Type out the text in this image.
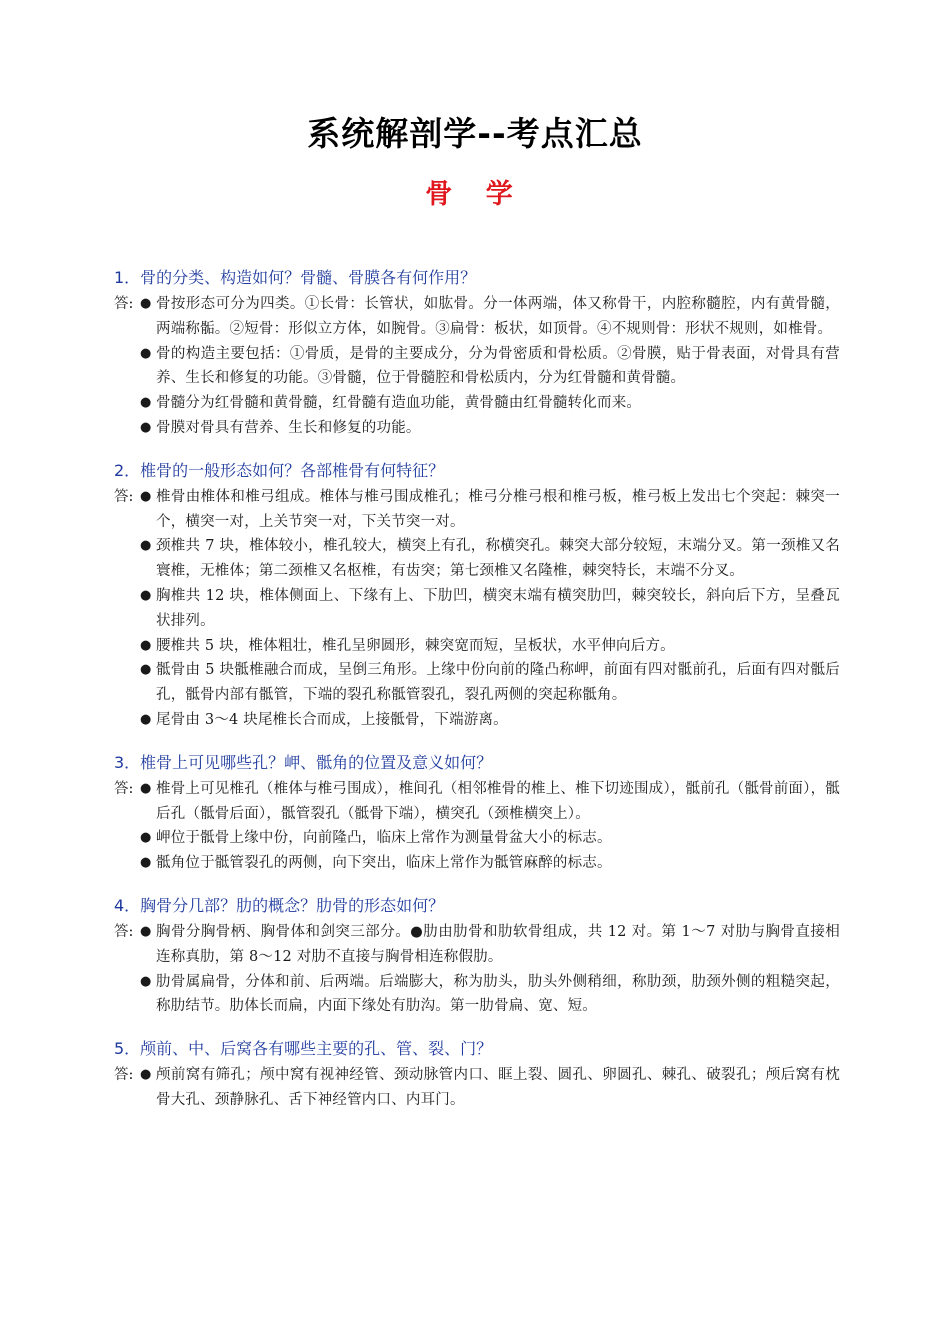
系统解剖学--考点汇总
骨 学
1．骨的分类、构造如何？骨髓、骨膜各有何作用？
答:	● 骨按形态可分为四类。①长骨：长管状，如肱骨。分一体两端，体又称骨干，内腔称髓腔，内有黄骨髓，两端称骺。②短骨：形似立方体，如腕骨。③扁骨：板状，如顶骨。④不规则骨：形状不规则，如椎骨。
● 骨的构造主要包括：①骨质，是骨的主要成分，分为骨密质和骨松质。②骨膜，贴于骨表面，对骨具有营养、生长和修复的功能。③骨髓，位于骨髓腔和骨松质内，分为红骨髓和黄骨髓。
● 骨髓分为红骨髓和黄骨髓，红骨髓有造血功能，黄骨髓由红骨髓转化而来。
● 骨膜对骨具有营养、生长和修复的功能。
2．椎骨的一般形态如何？各部椎骨有何特征？
答:	● 椎骨由椎体和椎弓组成。椎体与椎弓围成椎孔；椎弓分椎弓根和椎弓板，椎弓板上发出七个突起：棘突一个，横突一对，上关节突一对，下关节突一对。
● 颈椎共 7 块，椎体较小，椎孔较大，横突上有孔，称横突孔。棘突大部分较短，末端分叉。第一颈椎又名寰椎，无椎体；第二颈椎又名枢椎，有齿突；第七颈椎又名隆椎，棘突特长，末端不分叉。
● 胸椎共 12 块，椎体侧面上、下缘有上、下肋凹，横突末端有横突肋凹，棘突较长，斜向后下方，呈叠瓦状排列。
● 腰椎共 5 块，椎体粗壮，椎孔呈卵圆形，棘突宽而短，呈板状，水平伸向后方。
● 骶骨由 5 块骶椎融合而成，呈倒三角形。上缘中份向前的隆凸称岬，前面有四对骶前孔，后面有四对骶后孔，骶骨内部有骶管，下端的裂孔称骶管裂孔，裂孔两侧的突起称骶角。
● 尾骨由 3～4 块尾椎长合而成，上接骶骨，下端游离。
3．椎骨上可见哪些孔？岬、骶角的位置及意义如何？
答:	● 椎骨上可见椎孔（椎体与椎弓围成），椎间孔（相邻椎骨的椎上、椎下切迹围成），骶前孔（骶骨前面），骶后孔（骶骨后面），骶管裂孔（骶骨下端），横突孔（颈椎横突上）。
● 岬位于骶骨上缘中份，向前隆凸，临床上常作为测量骨盆大小的标志。
● 骶角位于骶管裂孔的两侧，向下突出，临床上常作为骶管麻醉的标志。
4．胸骨分几部？肋的概念？肋骨的形态如何？
答:	● 胸骨分胸骨柄、胸骨体和剑突三部分。●肋由肋骨和肋软骨组成，共 12 对。第 1～7 对肋与胸骨直接相连称真肋，第 8～12 对肋不直接与胸骨相连称假肋。
● 肋骨属扁骨，分体和前、后两端。后端膨大，称为肋头，肋头外侧稍细，称肋颈，肋颈外侧的粗糙突起，称肋结节。肋体长而扁，内面下缘处有肋沟。第一肋骨扁、宽、短。
5．颅前、中、后窝各有哪些主要的孔、管、裂、门？
答:	● 颅前窝有筛孔；颅中窝有视神经管、颈动脉管内口、眶上裂、圆孔、卵圆孔、棘孔、破裂孔；颅后窝有枕骨大孔、颈静脉孔、舌下神经管内口、内耳门。
